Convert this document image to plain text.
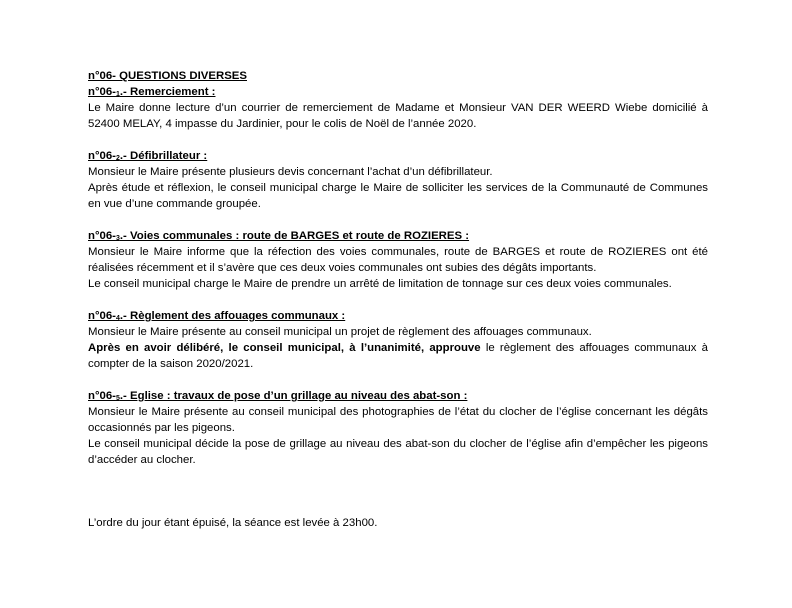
n°06- QUESTIONS DIVERSES

$n^\circ 06-_1.-$ Remerciement :

Le Maire donne lecture d’un courrier de remerciement de Madame et Monsieur VAN DER WEERD Wiebe domicilié à 52400 MELAY, 4 impasse du Jardinier, pour le colis de Noël de l’année 2020.

$n^\circ 06-_2.-$ Défibrillateur :

Monsieur le Maire présente plusieurs devis concernant l’achat d’un défibrillateur.

Après étude et réflexion, le conseil municipal charge le Maire de solliciter les services de la Communauté de Communes en vue d’une commande groupée.

$n^\circ 06-_3.-$ Voies communales : route de BARGES et route de ROZIERES :

Monsieur le Maire informe que la réfection des voies communales, route de BARGES et route de ROZIERES ont été réalisées récemment et il s’avère que ces deux voies communales ont subies des dégâts importants.

Le conseil municipal charge le Maire de prendre un arrêté de limitation de tonnage sur ces deux voies communales.

$n^\circ 06-_4.-$ Règlement des affouages communaux :

Monsieur le Maire présente au conseil municipal un projet de règlement des affouages communaux.

Après en avoir délibéré, le conseil municipal, à l’unanimité, approuve le règlement des affouages communaux à compter de la saison 2020/2021.

$n^\circ 06-_5.-$ Eglise : travaux de pose d’un grillage au niveau des abat-son :

Monsieur le Maire présente au conseil municipal des photographies de l’état du clocher de l’église concernant les dégâts occasionnés par les pigeons.

Le conseil municipal décide la pose de grillage au niveau des abat-son du clocher de l’église afin d’empêcher les pigeons d’accéder au clocher.

L’ordre du jour étant épuisé, la séance est levée à 23h00.
